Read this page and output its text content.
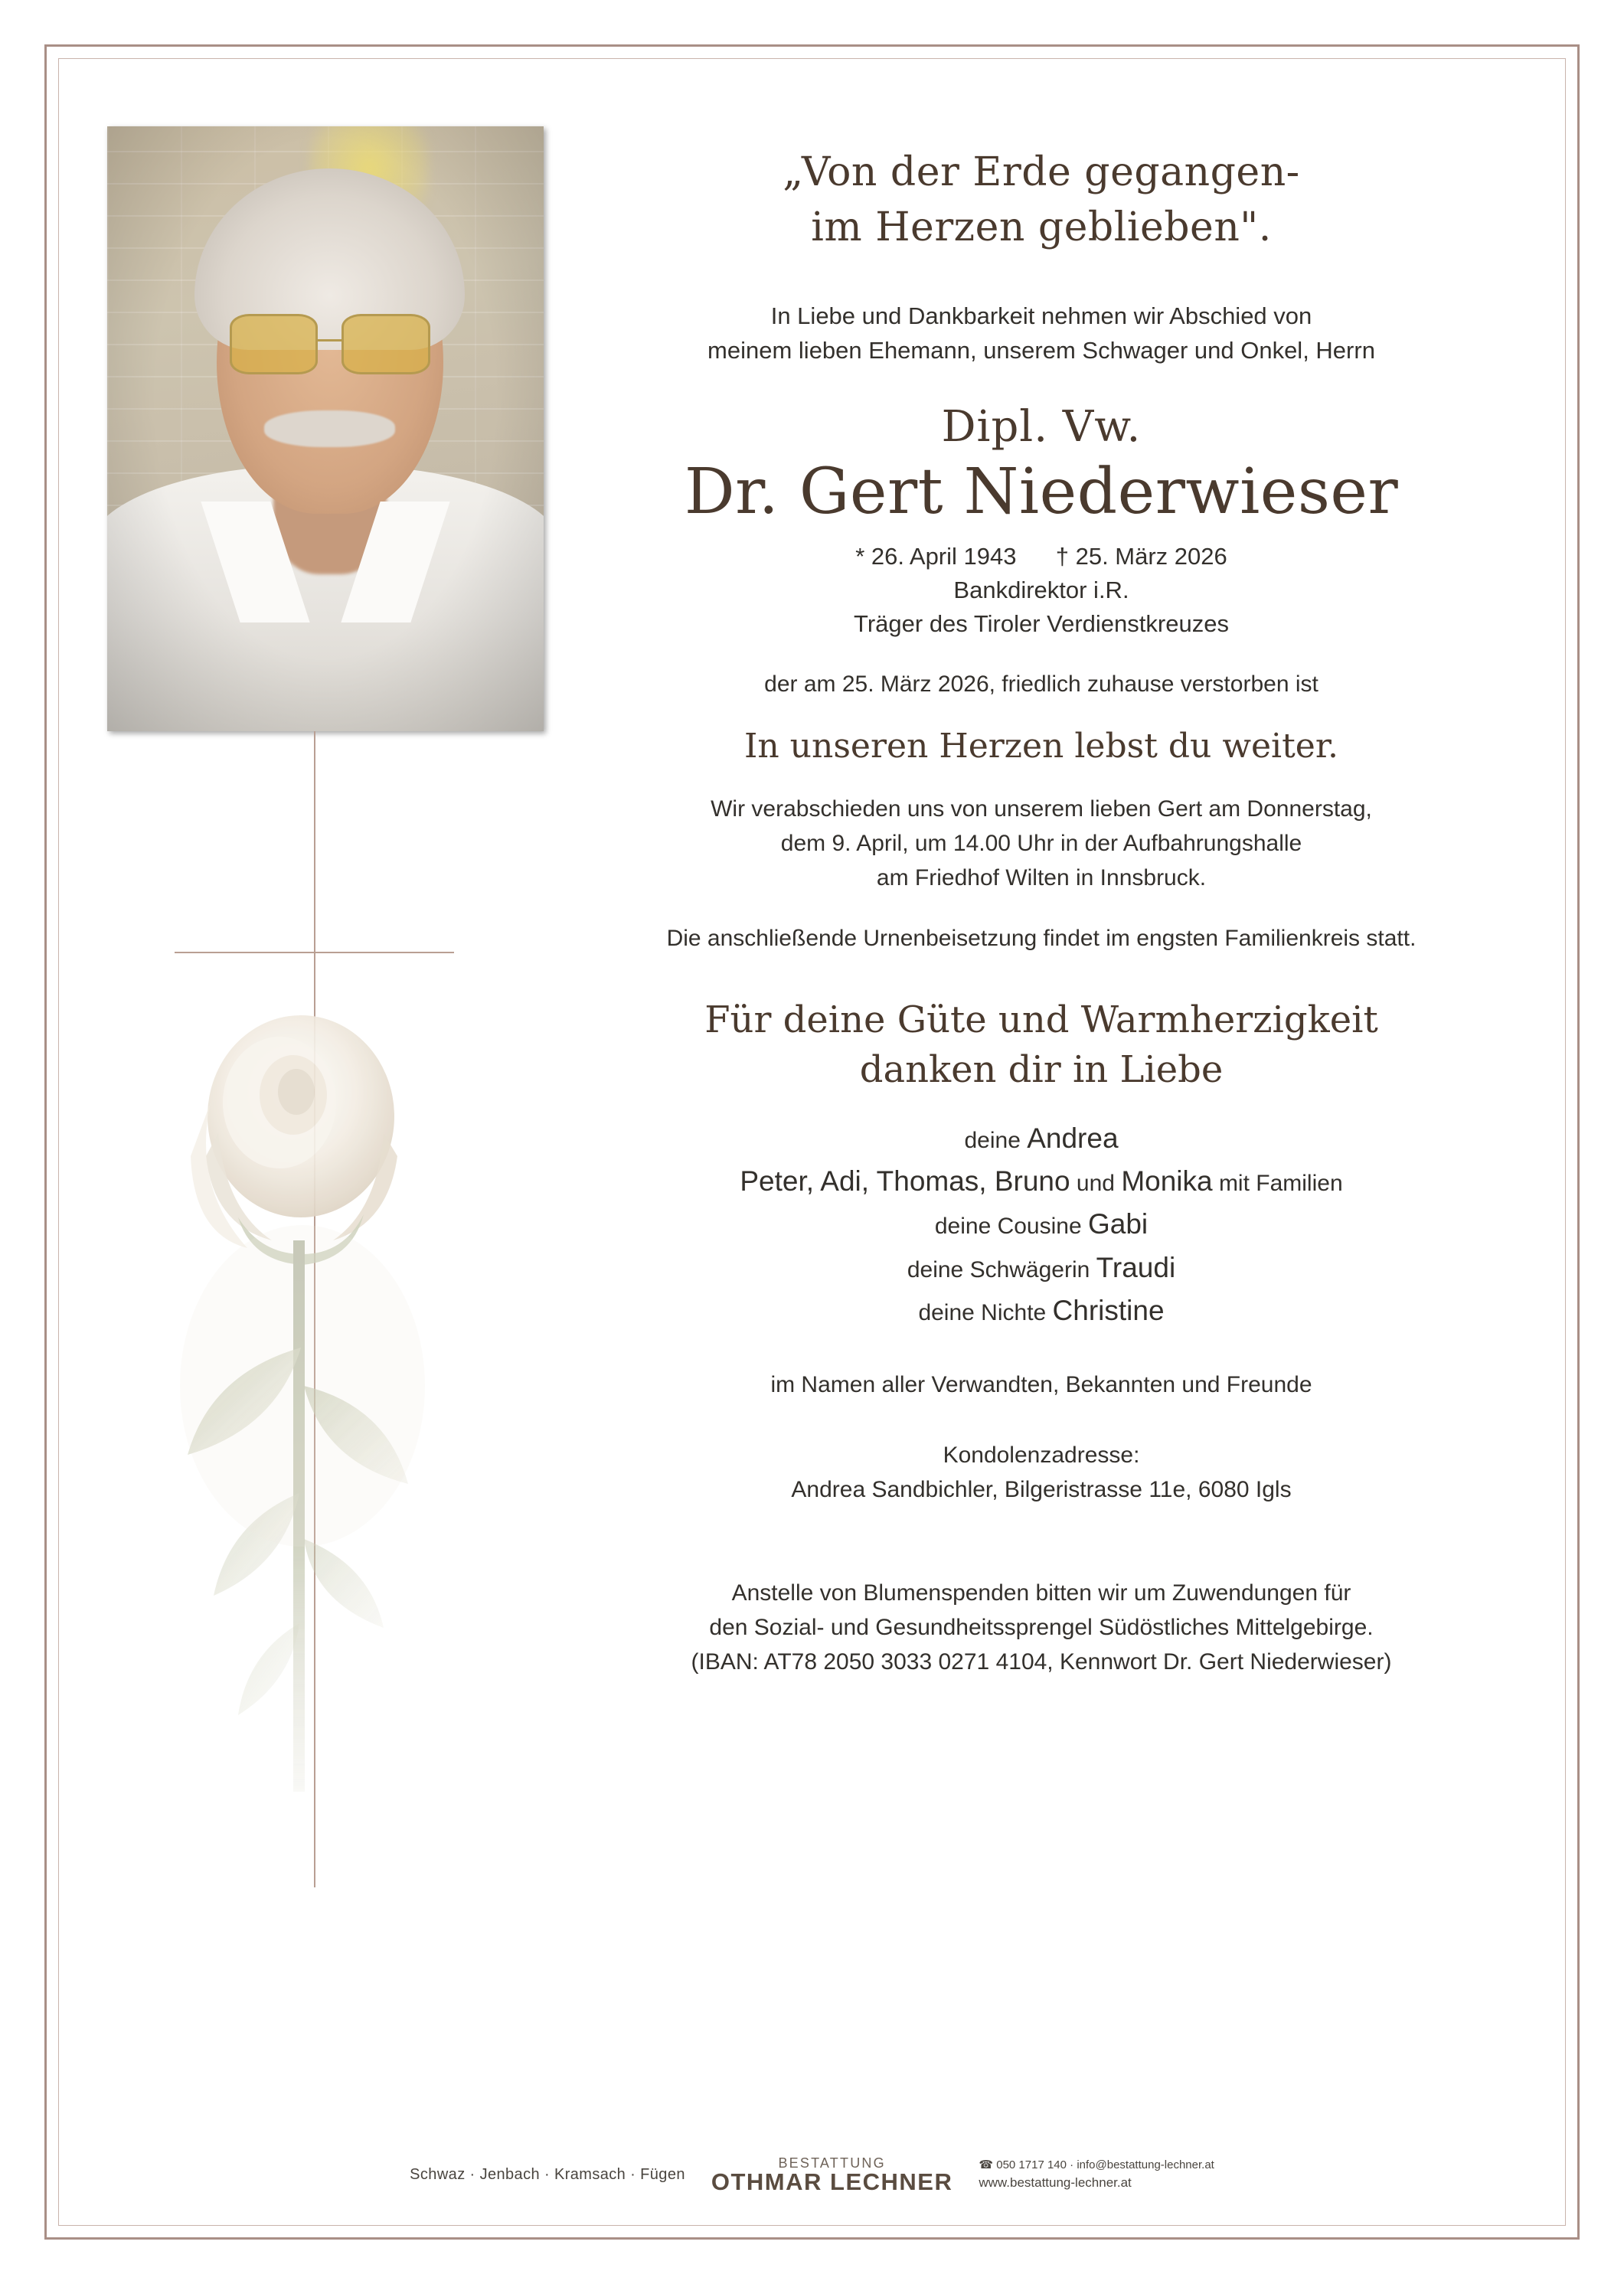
„Von der Erde gegangen-
im Herzen geblieben".
In Liebe und Dankbarkeit nehmen wir Abschied von
meinem lieben Ehemann, unserem Schwager und Onkel, Herrn
Dipl. Vw.
Dr. Gert Niederwieser
* 26. April 1943 † 25. März 2026
Bankdirektor i.R.
Träger des Tiroler Verdienstkreuzes
der am 25. März 2026, friedlich zuhause verstorben ist
In unseren Herzen lebst du weiter.
Wir verabschieden uns von unserem lieben Gert am Donnerstag,
dem 9. April, um 14.00 Uhr in der Aufbahrungshalle
am Friedhof Wilten in Innsbruck.
Die anschließende Urnenbeisetzung findet im engsten Familienkreis statt.
Für deine Güte und Warmherzigkeit
danken dir in Liebe
deine Andrea
Peter, Adi, Thomas, Bruno und Monika mit Familien
deine Cousine Gabi
deine Schwägerin Traudi
deine Nichte Christine
im Namen aller Verwandten, Bekannten und Freunde
Kondolenzadresse:
Andrea Sandbichler, Bilgeristrasse 11e, 6080 Igls
Anstelle von Blumenspenden bitten wir um Zuwendungen für
den Sozial- und Gesundheitssprengel Südöstliches Mittelgebirge.
(IBAN: AT78 2050 3033 0271 4104, Kennwort Dr. Gert Niederwieser)
Schwaz · Jenbach · Kramsach · Fügen
BESTATTUNG
OTHMAR LECHNER
☎ 050 1717 140 · info@bestattung-lechner.at
www.bestattung-lechner.at
